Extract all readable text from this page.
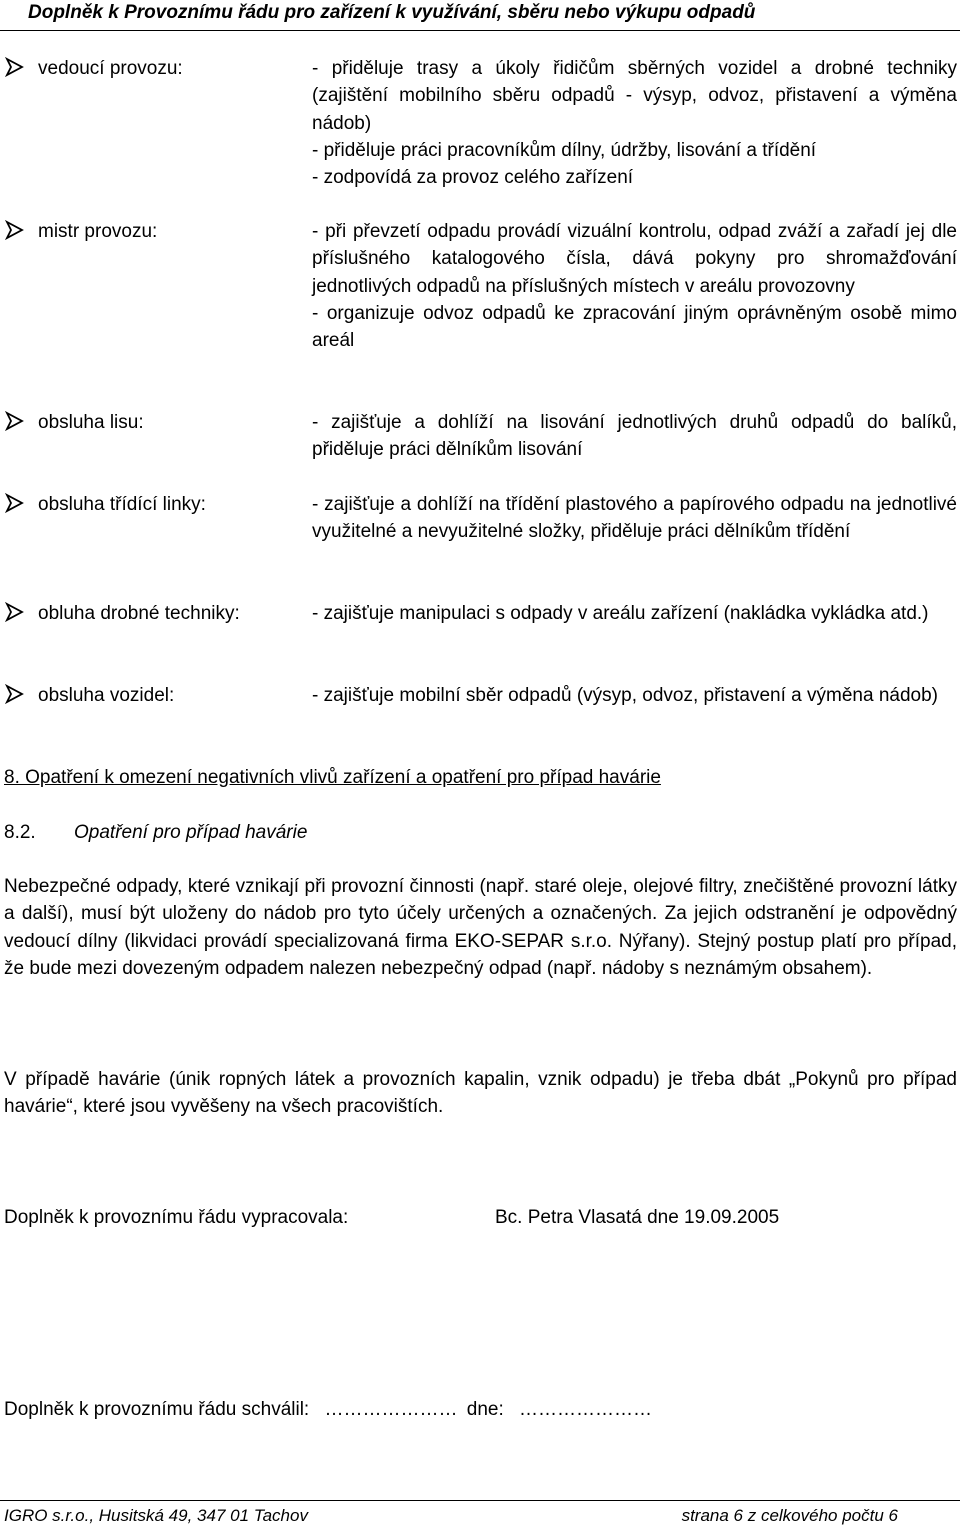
Doplněk k Provoznímu řádu pro zařízení k využívání, sběru nebo výkupu odpadů
vedoucí provozu:	- přiděluje trasy a úkoly řidičům sběrných vozidel a drobné techniky (zajištění mobilního sběru odpadů - výsyp, odvoz, přistavení a výměna nádob)
- přiděluje práci pracovníkům dílny, údržby, lisování a třídění
- zodpovídá za provoz celého zařízení
mistr provozu:	- při převzetí odpadu provádí vizuální kontrolu, odpad zváží a zařadí jej dle příslušného katalogového čísla, dává pokyny pro shromažďování jednotlivých odpadů na příslušných místech v areálu provozovny
- organizuje odvoz odpadů ke zpracování jiným oprávněným osobě mimo areál
obsluha lisu:	- zajišťuje a dohlíží na lisování jednotlivých druhů odpadů do balíků, přiděluje práci dělníkům lisování
obsluha třídící linky:	- zajišťuje a dohlíží na třídění plastového a papírového odpadu na jednotlivé využitelné a nevyužitelné složky, přiděluje práci dělníkům třídění
obluha drobné techniky:	- zajišťuje manipulaci s odpady v areálu zařízení (nakládka vykládka atd.)
obsluha vozidel:	- zajišťuje mobilní sběr odpadů (výsyp, odvoz, přistavení a výměna nádob)
8. Opatření k omezení negativních vlivů zařízení a opatření pro případ havárie
8.2. Opatření pro případ havárie
Nebezpečné odpady, které vznikají při provozní činnosti (např. staré oleje, olejové filtry, znečištěné provozní látky a další), musí být uloženy do nádob pro tyto účely určených a označených. Za jejich odstranění je odpovědný vedoucí dílny (likvidaci provádí specializovaná firma EKO-SEPAR s.r.o. Nýřany). Stejný postup platí pro případ, že bude mezi dovezeným odpadem nalezen nebezpečný odpad (např. nádoby s neznámým obsahem).
V případě havárie (únik ropných látek a provozních kapalin, vznik odpadu) je třeba dbát „Pokynů pro případ havárie“, které jsou vyvěšeny na všech pracovištích.
Doplněk k provoznímu řádu vypracovala:	Bc. Petra Vlasatá dne 19.09.2005
Doplněk k provoznímu řádu schválil: ………………… dne: …………………
IGRO s.r.o., Husitská 49, 347 01 Tachov	strana 6 z celkového počtu 6
